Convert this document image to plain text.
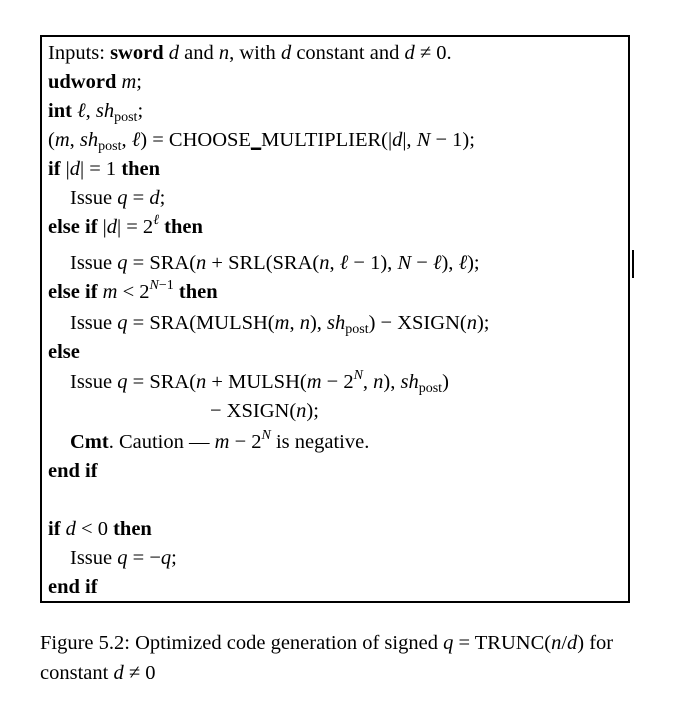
Inputs: sword d and n, with d constant and d ≠ 0.
udword m;
int ℓ, $sh_{post}$;
(m, $sh_{post}$, ℓ) = CHOOSE_MULTIPLIER(|d|, N − 1);
if |d| = 1 then
Issue q = d;
else if $|d| = 2^\ell$ then
Issue q = SRA(n + SRL(SRA(n, ℓ − 1), N − ℓ), ℓ);
else if $m < 2^{N-1}$ then
Issue q = SRA(MULSH(m, n), $sh_{post}$) − XSIGN(n);
else
Issue q = SRA(n + MULSH(m − $2^N$, n), $sh_{post}$)
− XSIGN(n);
Cmt. Caution — $m - 2^N$ is negative.
end if
if d < 0 then
Issue q = −q;
end if
Figure 5.2: Optimized code generation of signed q = TRUNC(n/d) for constant d ≠ 0
